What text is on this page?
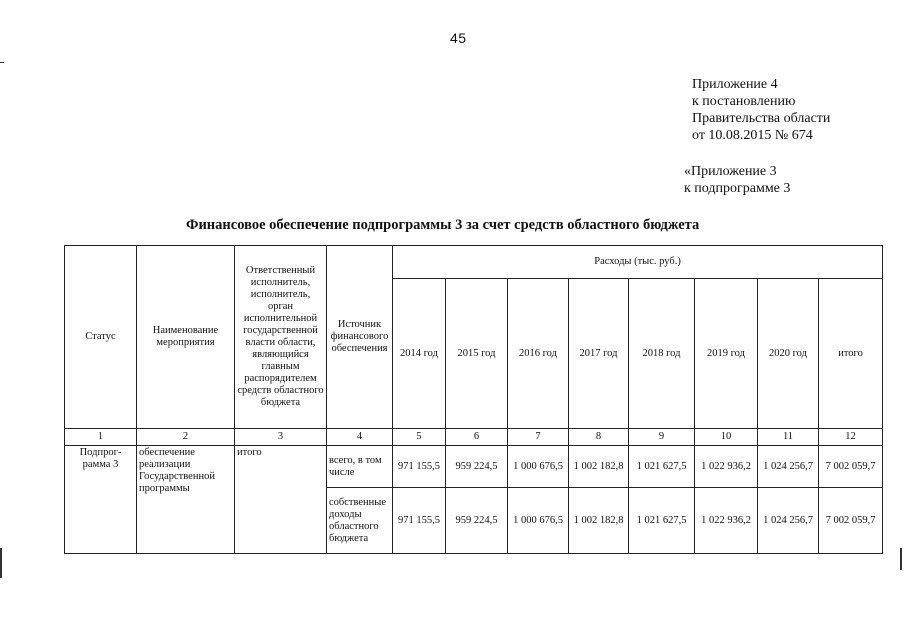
45
Приложение 4
к постановлению
Правительства области
от 10.08.2015 № 674
«Приложение 3
к подпрограмме 3
Финансовое обеспечение подпрограммы 3 за счет средств областного бюджета
Статус	Наименование мероприятия	Ответственный исполнитель, исполнитель, орган исполнительной государственной власти области, являющийся главным распорядителем средств областного бюджета	Источник финансового обеспечения	Расходы (тыс. руб.)							
				2014 год	2015 год	2016 год	2017 год	2018 год	2019 год	2020 год	итого
1	2	3	4	5	6	7	8	9	10	11	12
Подпрог-рамма 3	обеспечение реализации Государственной программы	итого	всего, в том числе	971 155,5	959 224,5	1 000 676,5	1 002 182,8	1 021 627,5	1 022 936,2	1 024 256,7	7 002 059,7
			собственные доходы областного бюджета	971 155,5	959 224,5	1 000 676,5	1 002 182,8	1 021 627,5	1 022 936,2	1 024 256,7	7 002 059,7
